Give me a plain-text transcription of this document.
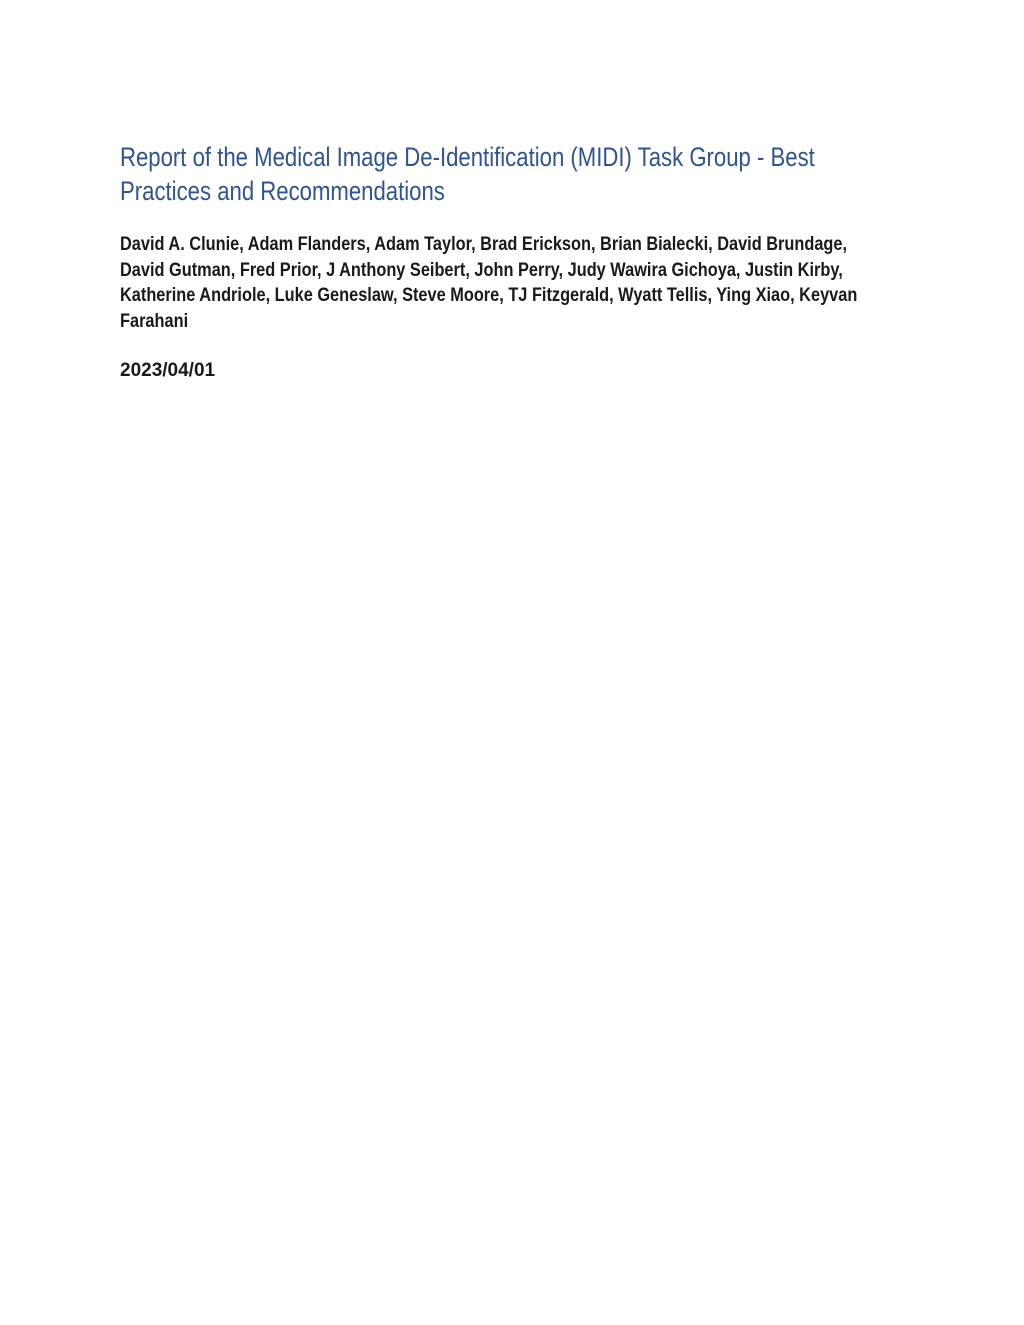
Report of the Medical Image De-Identification (MIDI) Task Group - Best
Practices and Recommendations
David A. Clunie, Adam Flanders, Adam Taylor, Brad Erickson, Brian Bialecki, David Brundage,
David Gutman, Fred Prior, J Anthony Seibert, John Perry, Judy Wawira Gichoya, Justin Kirby,
Katherine Andriole, Luke Geneslaw, Steve Moore, TJ Fitzgerald, Wyatt Tellis, Ying Xiao, Keyvan
Farahani
2023/04/01
